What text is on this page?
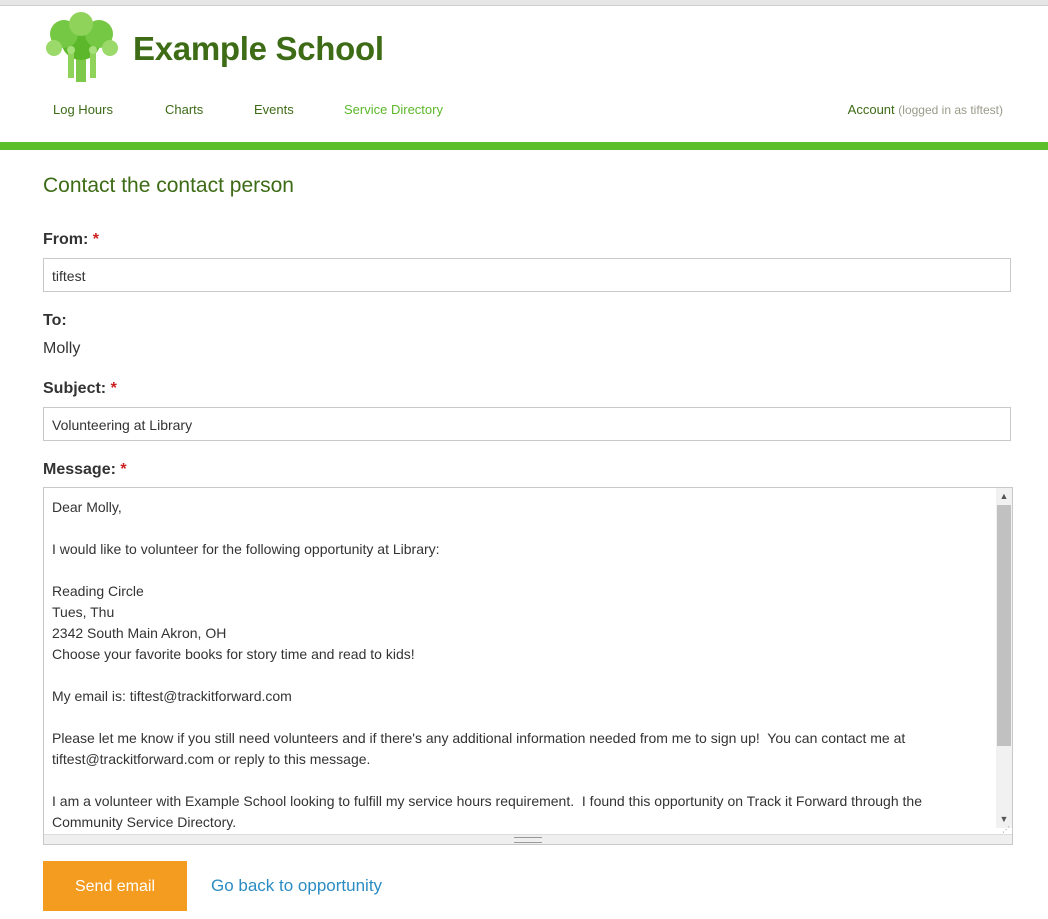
Example School
Log Hours	Charts	Events	Service Directory	Account (logged in as tiftest)
Contact the contact person
From: *
tiftest
To:
Molly
Subject: *
Volunteering at Library
Message: *
Dear Molly,

I would like to volunteer for the following opportunity at Library:

Reading Circle
Tues, Thu
2342 South Main Akron, OH
Choose your favorite books for story time and read to kids!

My email is: tiftest@trackitforward.com

Please let me know if you still need volunteers and if there's any additional information needed from me to sign up!  You can contact me at
tiftest@trackitforward.com or reply to this message.

I am a volunteer with Example School looking to fulfill my service hours requirement.  I found this opportunity on Track it Forward through the
Community Service Directory.
▲
▼
⋰
Send email	Go back to opportunity
